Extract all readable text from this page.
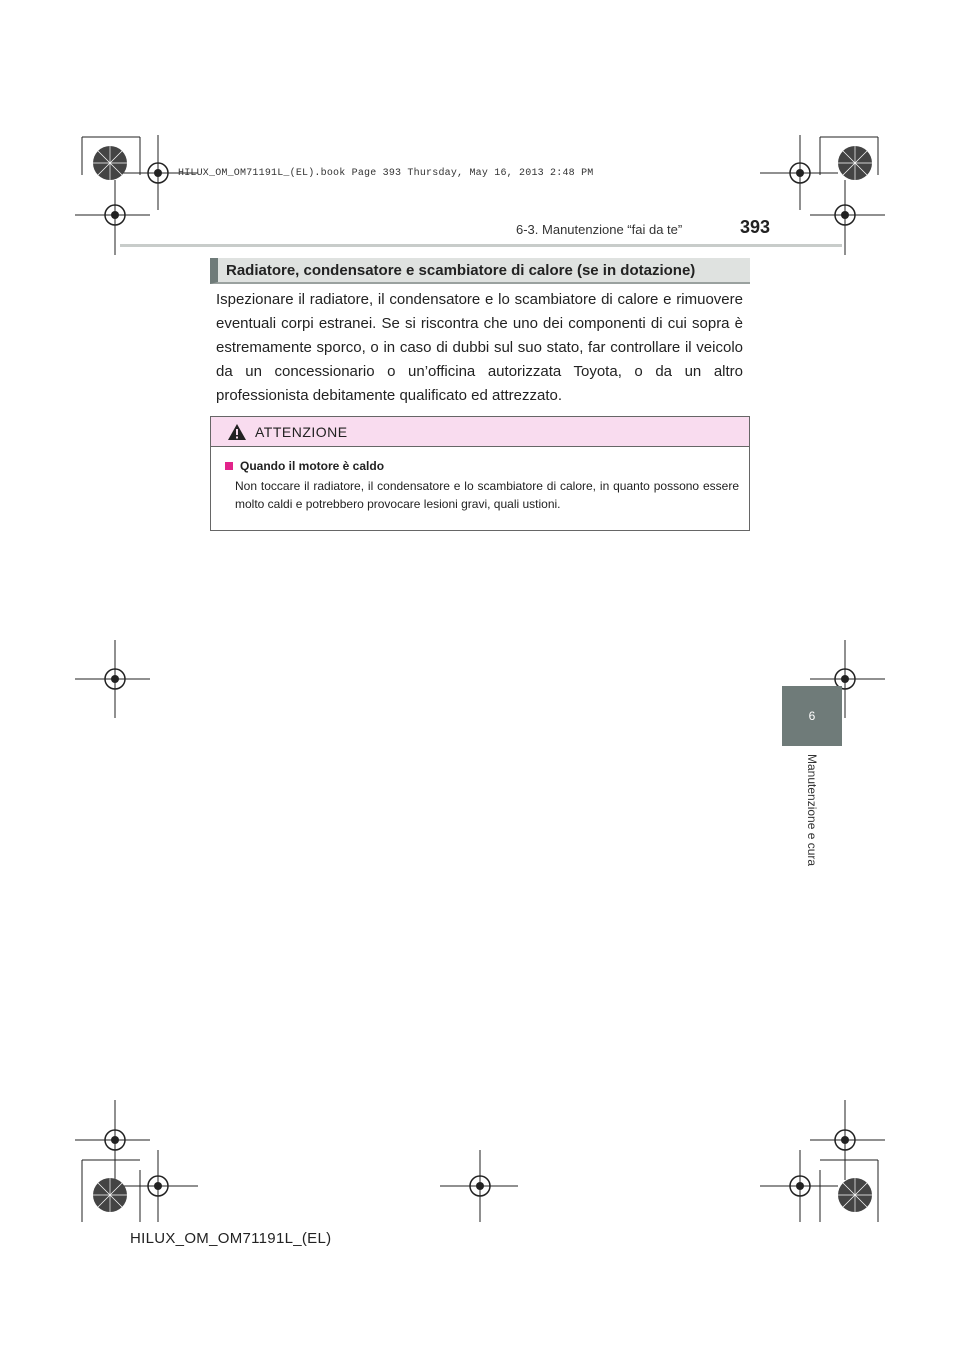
HILUX_OM_OM71191L_(EL).book Page 393 Thursday, May 16, 2013 2:48 PM
393
6-3. Manutenzione “fai da te”
6
Manutenzione e cura
Radiatore, condensatore e scambiatore di calore (se in dotazione)
Ispezionare il radiatore, il condensatore e lo scambiatore di calore e rimuovere eventuali corpi estranei. Se si riscontra che uno dei componenti di cui sopra è estremamente sporco, o in caso di dubbi sul suo stato, far controllare il veicolo da un concessionario o un’officina autorizzata Toyota, o da un altro professionista debitamente qualificato ed attrezzato.
ATTENZIONE
Quando il motore è caldo
Non toccare il radiatore, il condensatore e lo scambiatore di calore, in quanto possono essere molto caldi e potrebbero provocare lesioni gravi, quali ustioni.
HILUX_OM_OM71191L_(EL)
